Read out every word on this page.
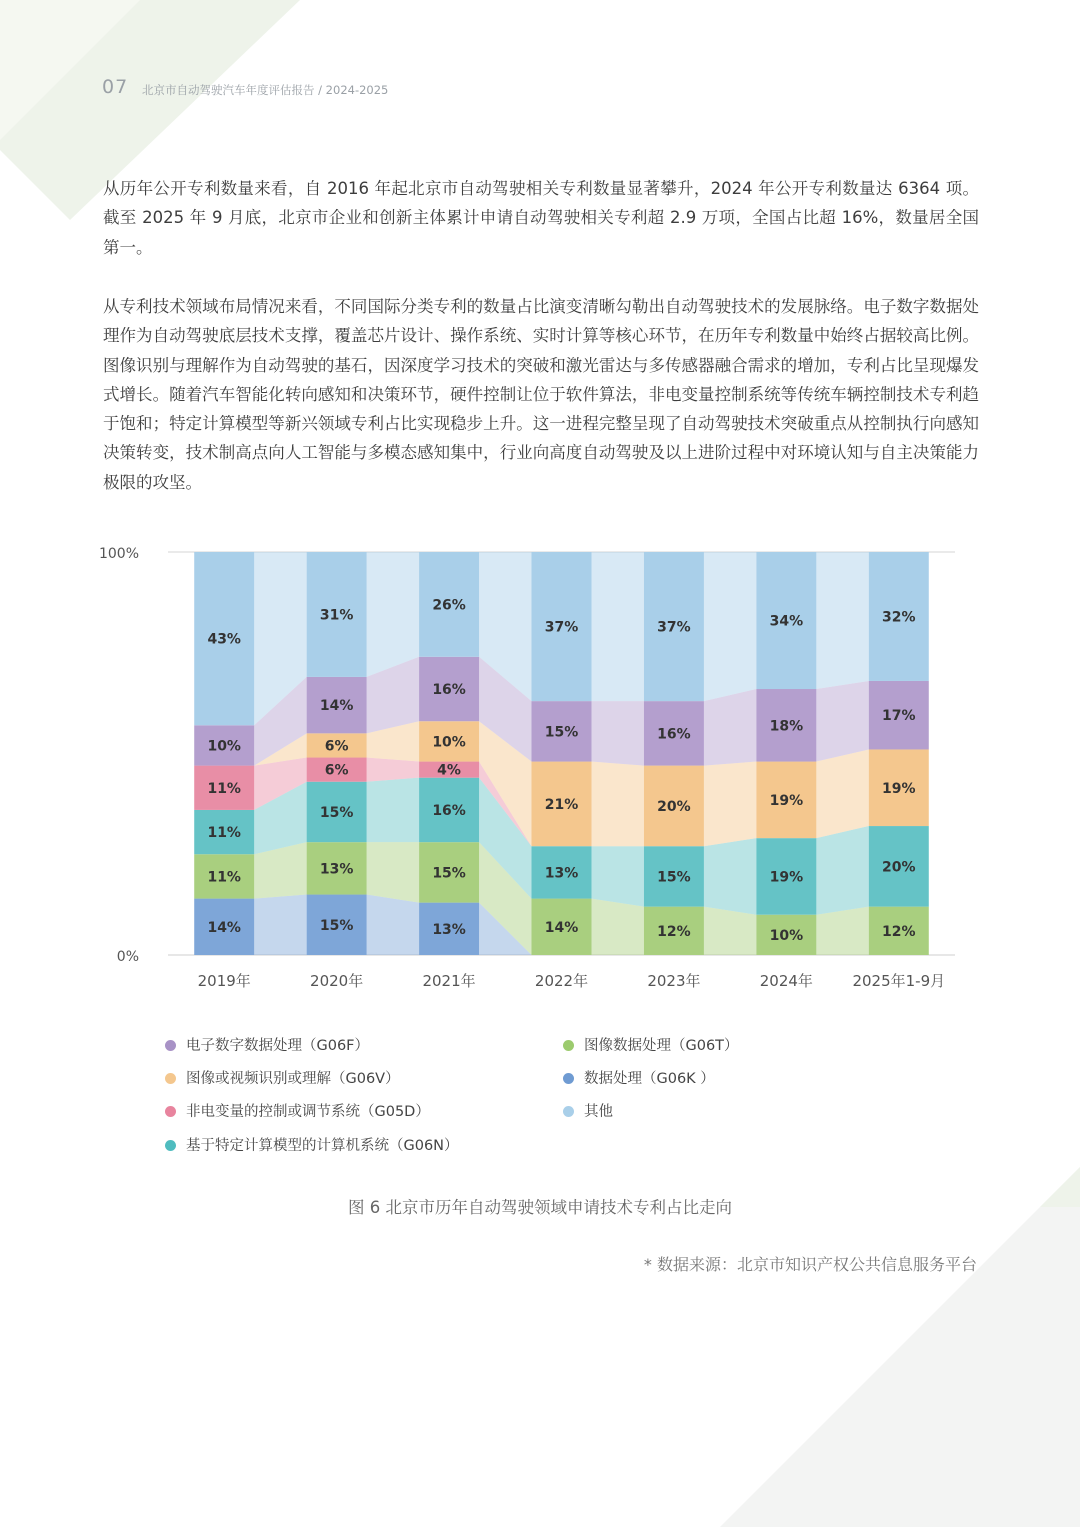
07 北京市自动驾驶汽车年度评估报告 / 2024-2025

从历年公开专利数量来看，自 2016 年起北京市自动驾驶相关专利数量显著攀升，2024 年公开专利数量达 6364 项。截至 2025 年 9 月底，北京市企业和创新主体累计申请自动驾驶相关专利超 2.9 万项，全国占比超 16%，数量居全国第一。

从专利技术领域布局情况来看，不同国际分类专利的数量占比演变清晰勾勒出自动驾驶技术的发展脉络。电子数字数据处理作为自动驾驶底层技术支撑，覆盖芯片设计、操作系统、实时计算等核心环节，在历年专利数量中始终占据较高比例。图像识别与理解作为自动驾驶的基石，因深度学习技术的突破和激光雷达与多传感器融合需求的增加，专利占比呈现爆发式增长。随着汽车智能化转向感知和决策环节，硬件控制让位于软件算法，非电变量控制系统等传统车辆控制技术专利趋于饱和；特定计算模型等新兴领域专利占比实现稳步上升。这一进程完整呈现了自动驾驶技术突破重点从控制执行向感知决策转变，技术制高点向人工智能与多模态感知集中，行业向高度自动驾驶及以上进阶过程中对环境认知与自主决策能力极限的攻坚。

100%
0%
14%	15%	13%
11%
13%	15%
14%	12%	10%	12%
11%
15%	16%
13%	15%	19%
20%
11%
6%	4%
6%	10%
21%	20%	19%
19%
10%
14%
16%
15%	16%
18%
17%
43%
31%
26%
37%	37%	34%	32%
2019年	2020年	2021年	2022年	2023年	2024年	2025年1-9月
电子数字数据处理（G06F）	图像数据处理（G06T）
图像或视频识别或理解（G06V）	数据处理（G06K ）
非电变量的控制或调节系统（G05D）	其他
基于特定计算模型的计算机系统（G06N）
图 6 北京市历年自动驾驶领域申请技术专利占比走向
* 数据来源：北京市知识产权公共信息服务平台
